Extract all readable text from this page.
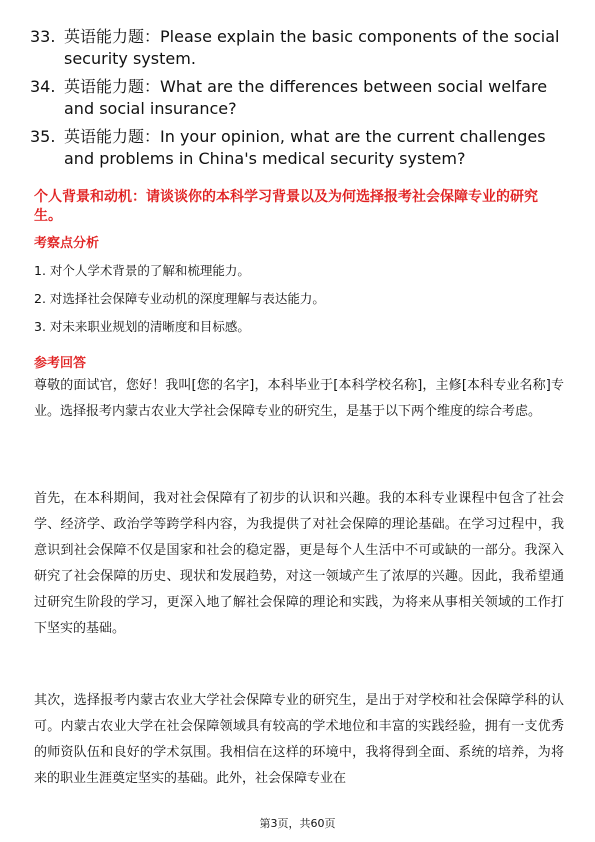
33. 英语能力题：Please explain the basic components of the social security system.
34. 英语能力题：What are the differences between social welfare and social insurance?
35. 英语能力题：In your opinion, what are the current challenges and problems in China's medical security system?
个人背景和动机：请谈谈你的本科学习背景以及为何选择报考社会保障专业的研究生。
考察点分析
1. 对个人学术背景的了解和梳理能力。
2. 对选择社会保障专业动机的深度理解与表达能力。
3. 对未来职业规划的清晰度和目标感。
参考回答

尊敬的面试官，您好！我叫[您的名字]，本科毕业于[本科学校名称]，主修[本科专业名称]专业。选择报考内蒙古农业大学社会保障专业的研究生，是基于以下两个维度的综合考虑。

首先，在本科期间，我对社会保障有了初步的认识和兴趣。我的本科专业课程中包含了社会学、经济学、政治学等跨学科内容，为我提供了对社会保障的理论基础。在学习过程中，我意识到社会保障不仅是国家和社会的稳定器，更是每个人生活中不可或缺的一部分。我深入研究了社会保障的历史、现状和发展趋势，对这一领域产生了浓厚的兴趣。因此，我希望通过研究生阶段的学习，更深入地了解社会保障的理论和实践，为将来从事相关领域的工作打下坚实的基础。

其次，选择报考内蒙古农业大学社会保障专业的研究生，是出于对学校和社会保障学科的认可。内蒙古农业大学在社会保障领域具有较高的学术地位和丰富的实践经验，拥有一支优秀的师资队伍和良好的学术氛围。我相信在这样的环境中，我将得到全面、系统的培养，为将来的职业生涯奠定坚实的基础。此外，社会保障专业在

第3页，共60页
